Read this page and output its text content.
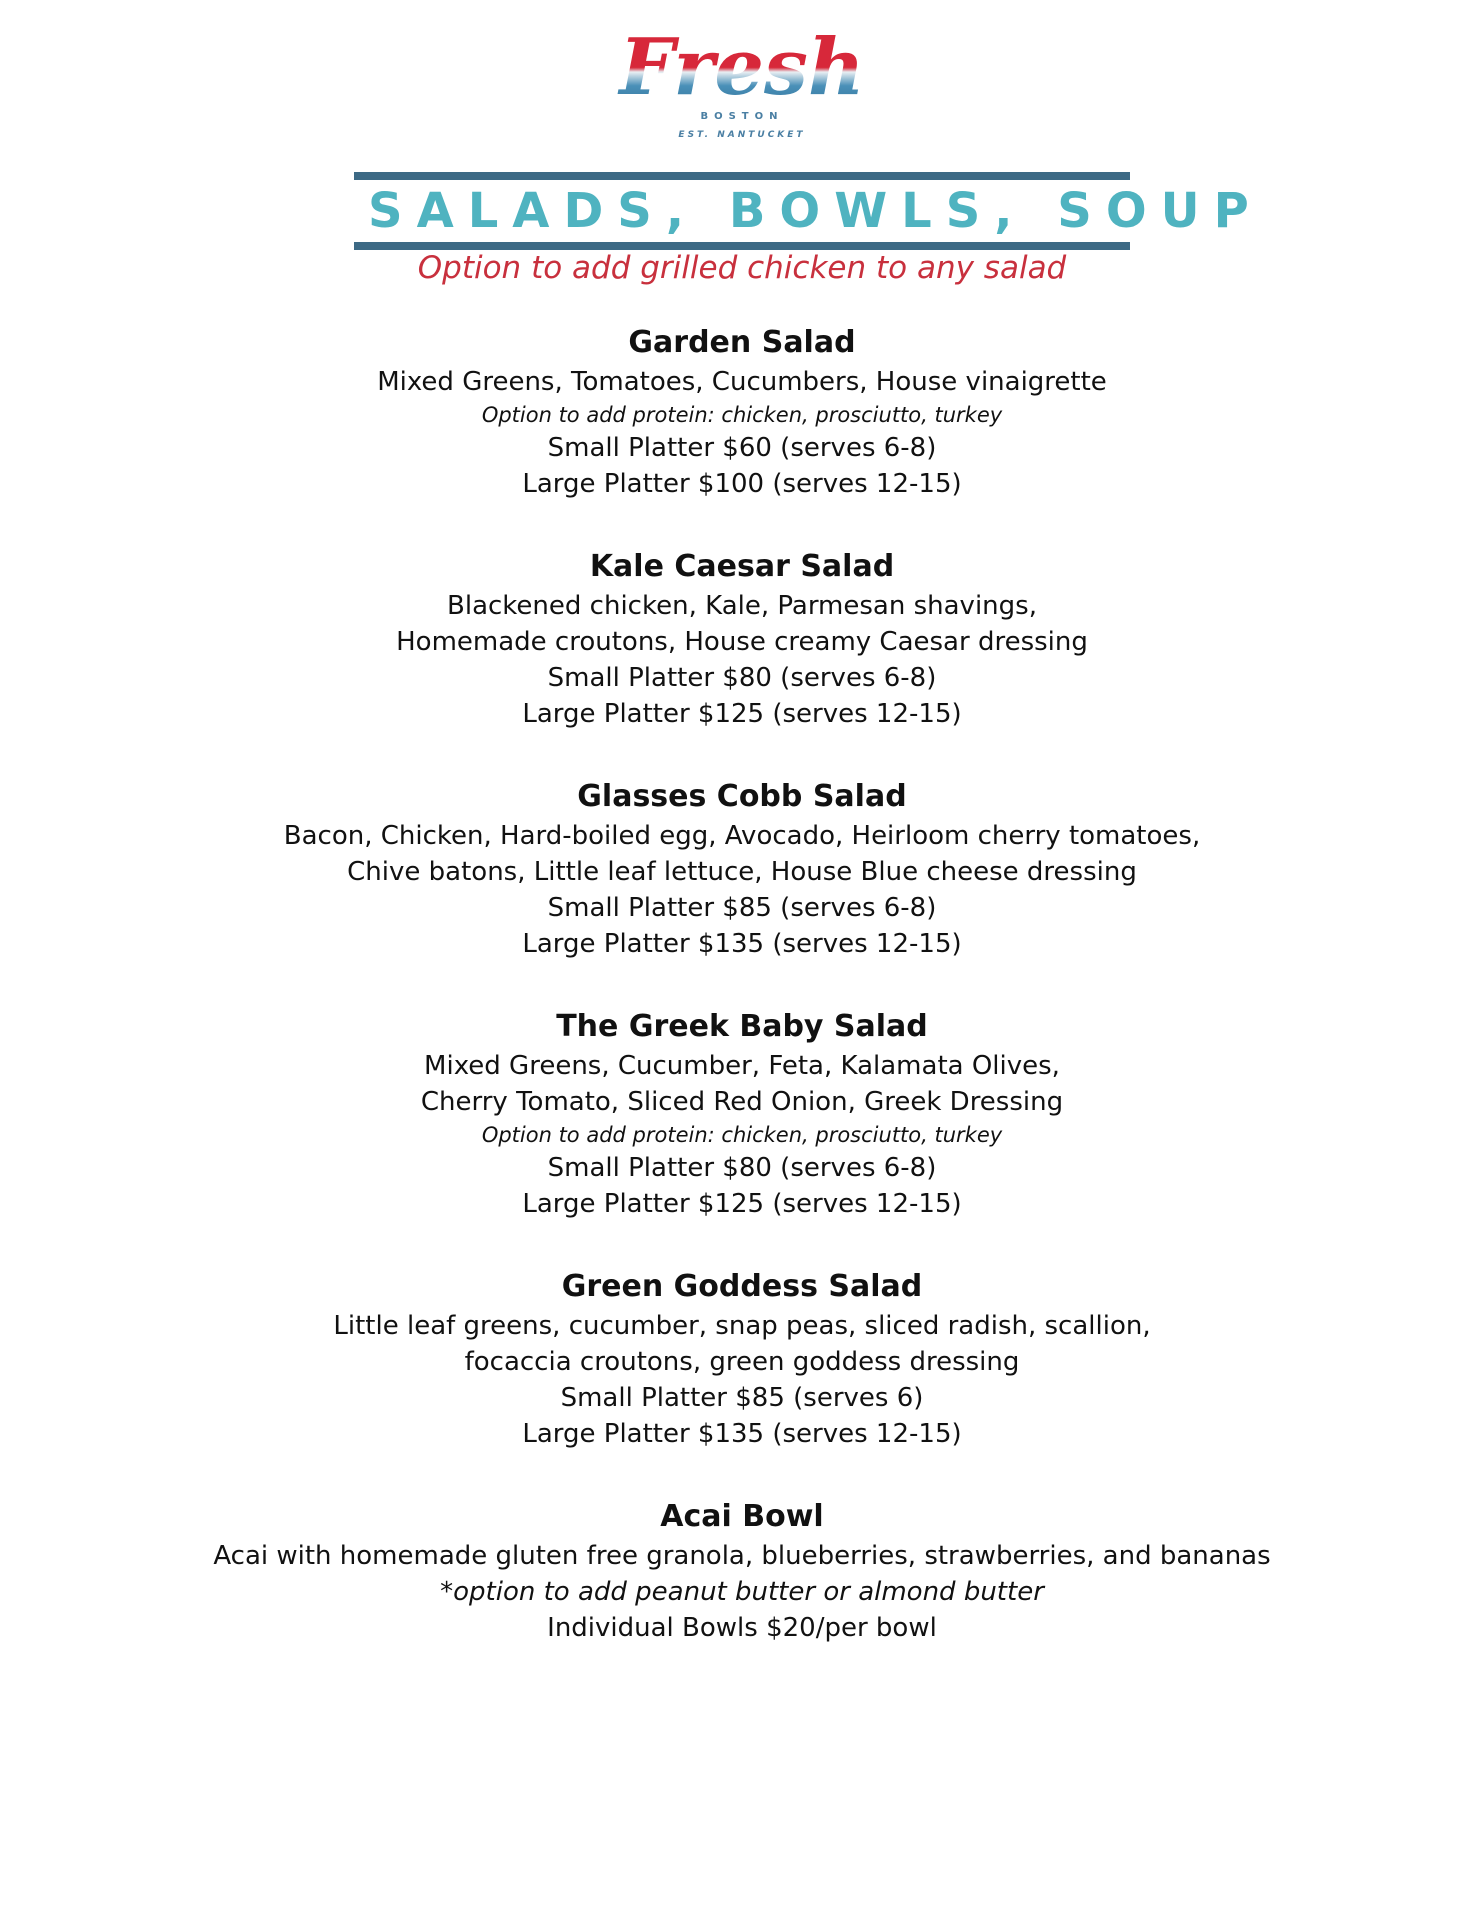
Fresh
BOSTON
EST. NANTUCKET
SALADS, BOWLS, SOUP
Option to add grilled chicken to any salad
Garden Salad
Mixed Greens, Tomatoes, Cucumbers, House vinaigrette
Option to add protein: chicken, prosciutto, turkey
Small Platter $60 (serves 6-8)
Large Platter $100 (serves 12-15)
Kale Caesar Salad
Blackened chicken, Kale, Parmesan shavings,
Homemade croutons, House creamy Caesar dressing
Small Platter $80 (serves 6-8)
Large Platter $125 (serves 12-15)
Glasses Cobb Salad
Bacon, Chicken, Hard-boiled egg, Avocado, Heirloom cherry tomatoes,
Chive batons, Little leaf lettuce, House Blue cheese dressing
Small Platter $85 (serves 6-8)
Large Platter $135 (serves 12-15)
The Greek Baby Salad
Mixed Greens, Cucumber, Feta, Kalamata Olives,
Cherry Tomato, Sliced Red Onion, Greek Dressing
Option to add protein: chicken, prosciutto, turkey
Small Platter $80 (serves 6-8)
Large Platter $125 (serves 12-15)
Green Goddess Salad
Little leaf greens, cucumber, snap peas, sliced radish, scallion,
focaccia croutons, green goddess dressing
Small Platter $85 (serves 6)
Large Platter $135 (serves 12-15)
Acai Bowl
Acai with homemade gluten free granola, blueberries, strawberries, and bananas
*option to add peanut butter or almond butter
Individual Bowls $20/per bowl
